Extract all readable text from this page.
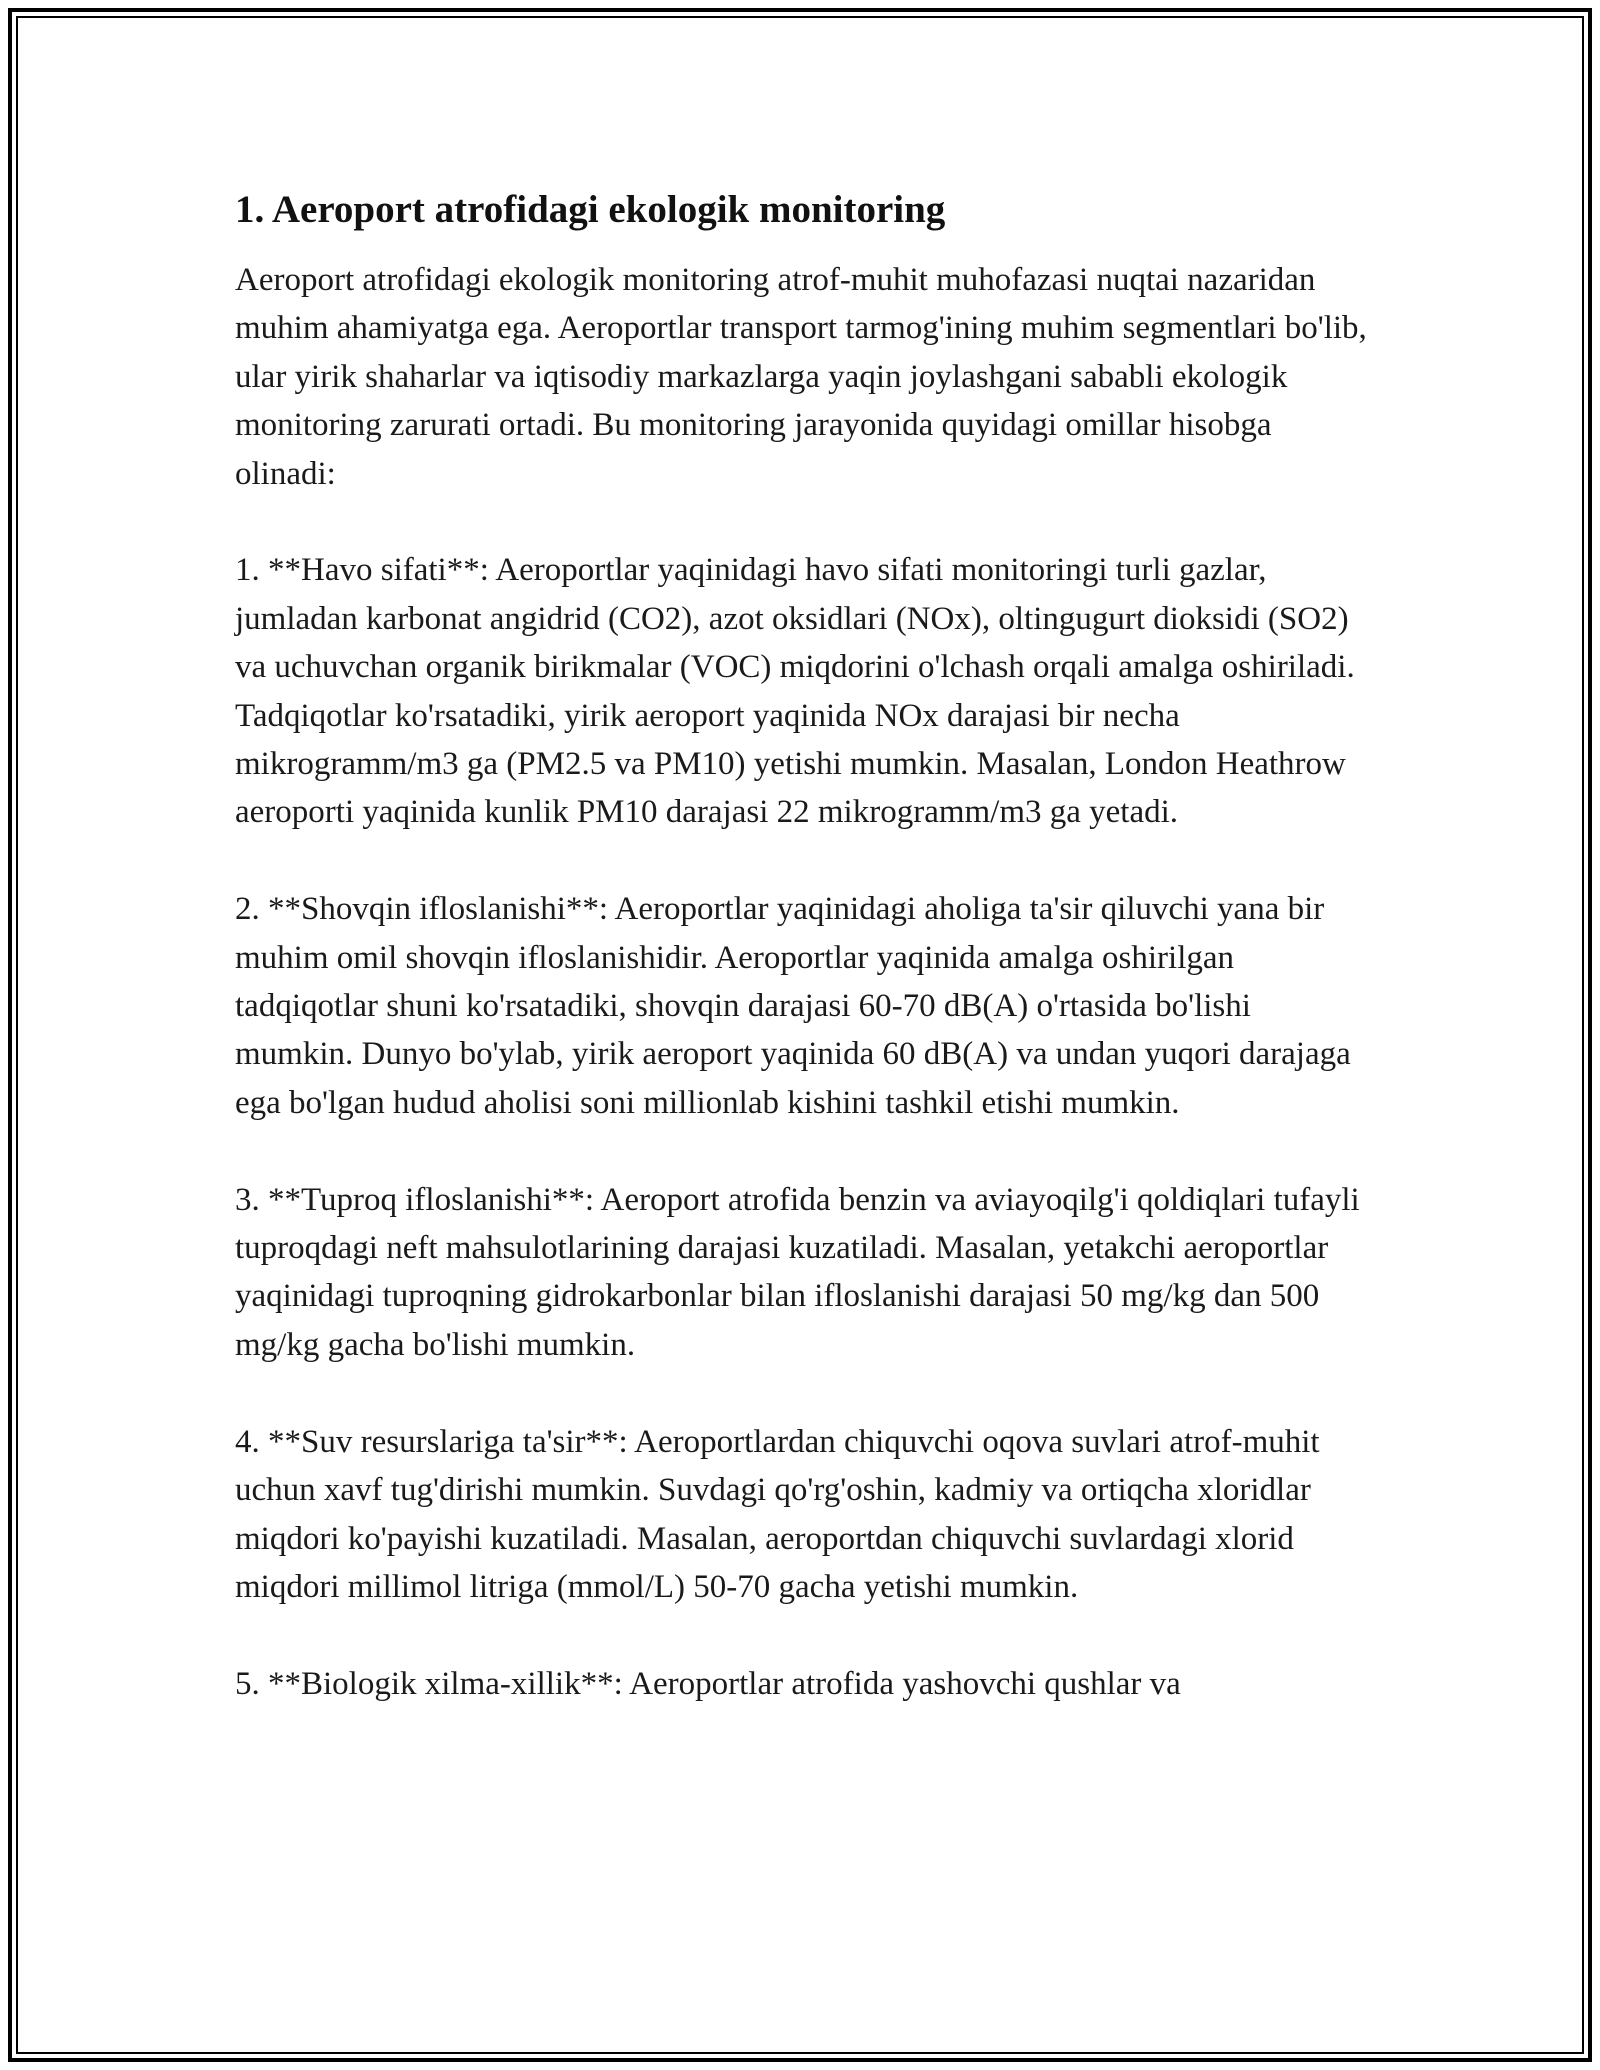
1. Aeroport atrofidagi ekologik monitoring

Aeroport atrofidagi ekologik monitoring atrof-muhit muhofazasi nuqtai nazaridan muhim ahamiyatga ega. Aeroportlar transport tarmog'ining muhim segmentlari bo'lib, ular yirik shaharlar va iqtisodiy markazlarga yaqin joylashgani sababli ekologik monitoring zarurati ortadi. Bu monitoring jarayonida quyidagi omillar hisobga olinadi:

1. **Havo sifati**: Aeroportlar yaqinidagi havo sifati monitoringi turli gazlar, jumladan karbonat angidrid (CO2), azot oksidlari (NOx), oltingugurt dioksidi (SO2) va uchuvchan organik birikmalar (VOC) miqdorini o'lchash orqali amalga oshiriladi. Tadqiqotlar ko'rsatadiki, yirik aeroport yaqinida NOx darajasi bir necha mikrogramm/m3 ga (PM2.5 va PM10) yetishi mumkin. Masalan, London Heathrow aeroporti yaqinida kunlik PM10 darajasi 22 mikrogramm/m3 ga yetadi.

2. **Shovqin ifloslanishi**: Aeroportlar yaqinidagi aholiga ta'sir qiluvchi yana bir muhim omil shovqin ifloslanishidir. Aeroportlar yaqinida amalga oshirilgan tadqiqotlar shuni ko'rsatadiki, shovqin darajasi 60-70 dB(A) o'rtasida bo'lishi mumkin. Dunyo bo'ylab, yirik aeroport yaqinida 60 dB(A) va undan yuqori darajaga ega bo'lgan hudud aholisi soni millionlab kishini tashkil etishi mumkin.

3. **Tuproq ifloslanishi**: Aeroport atrofida benzin va aviayoqilg'i qoldiqlari tufayli tuproqdagi neft mahsulotlarining darajasi kuzatiladi. Masalan, yetakchi aeroportlar yaqinidagi tuproqning gidrokarbonlar bilan ifloslanishi darajasi 50 mg/kg dan 500 mg/kg gacha bo'lishi mumkin.

4. **Suv resurslariga ta'sir**: Aeroportlardan chiquvchi oqova suvlari atrof-muhit uchun xavf tug'dirishi mumkin. Suvdagi qo'rg'oshin, kadmiy va ortiqcha xloridlar miqdori ko'payishi kuzatiladi. Masalan, aeroportdan chiquvchi suvlardagi xlorid miqdori millimol litriga (mmol/L) 50-70 gacha yetishi mumkin.

5. **Biologik xilma-xillik**: Aeroportlar atrofida yashovchi qushlar va
